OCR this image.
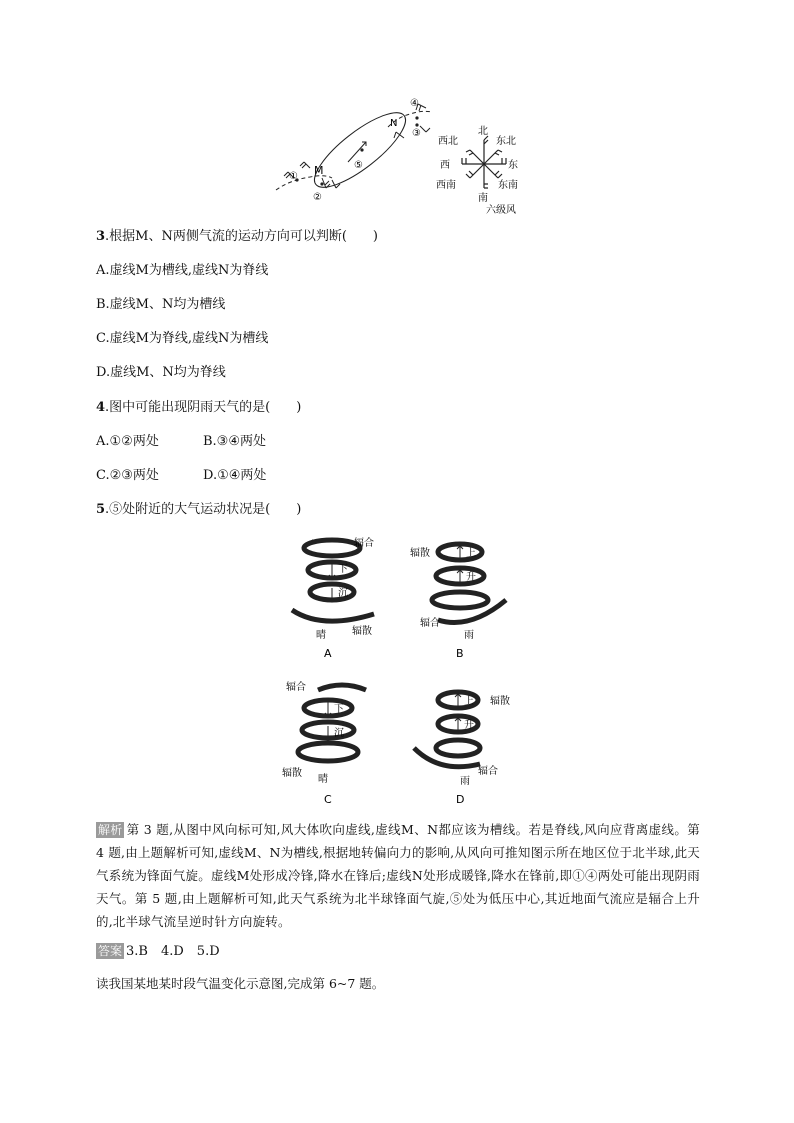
① M
②
⑤
N
④
③	北
东北
东
东南
南
西南
西
西北
六级风
3.根据M、N两侧气流的运动方向可以判断(　　)
A.虚线M为槽线,虚线N为脊线
B.虚线M、N均为槽线
C.虚线M为脊线,虚线N为槽线
D.虚线M、N均为脊线
4.图中可能出现阴雨天气的是(　　)
A.①②两处	B.③④两处
C.②③两处	D.①④两处
5.⑤处附近的大气运动状况是(　　)
辐合
下
沉
晴	辐散
A
辐散	上
升
辐合
雨
B
辐合
下
沉
辐散
晴
C
上
升
辐散
辐合
雨
D
解析 第 3 题,从图中风向标可知,风大体吹向虚线,虚线M、N都应该为槽线。若是脊线,风向应背离虚线。第 4 题,由上题解析可知,虚线M、N为槽线,根据地转偏向力的影响,从风向可推知图示所在地区位于北半球,此天气系统为锋面气旋。虚线M处形成冷锋,降水在锋后;虚线N处形成暖锋,降水在锋前,即①④两处可能出现阴雨天气。第 5 题,由上题解析可知,此天气系统为北半球锋面气旋,⑤处为低压中心,其近地面气流应是辐合上升的,北半球气流呈逆时针方向旋转。
答案 3.B　4.D　5.D
读我国某地某时段气温变化示意图,完成第 6~7 题。
